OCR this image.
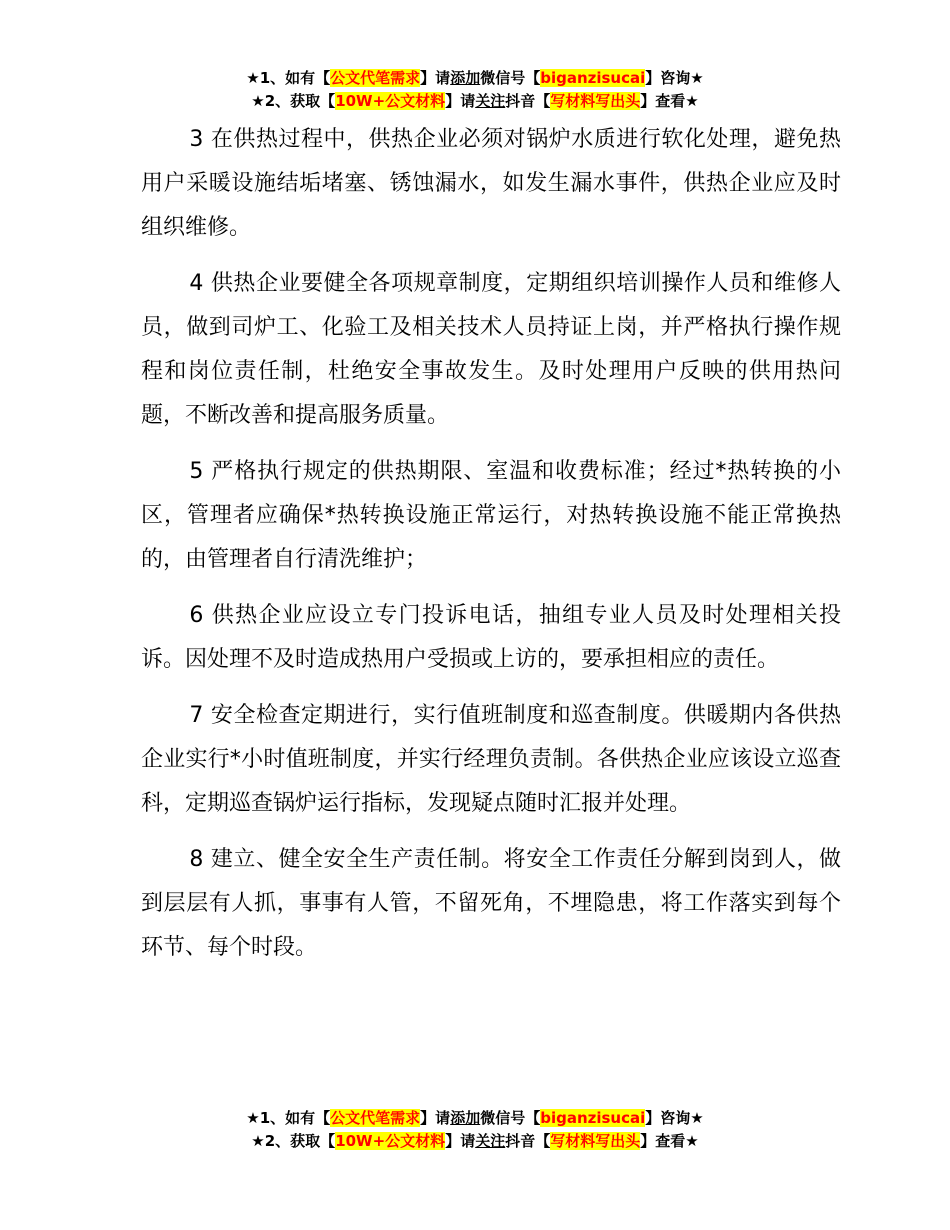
★1、如有【公文代笔需求】请添加微信号【biganzisucai】咨询★
★2、获取【10W+公文材料】请关注抖音【写材料写出头】查看★

3 在供热过程中，供热企业必须对锅炉水质进行软化处理，避免热用户采暖设施结垢堵塞、锈蚀漏水，如发生漏水事件，供热企业应及时组织维修。

4 供热企业要健全各项规章制度，定期组织培训操作人员和维修人员，做到司炉工、化验工及相关技术人员持证上岗，并严格执行操作规程和岗位责任制，杜绝安全事故发生。及时处理用户反映的供用热问题，不断改善和提高服务质量。

5 严格执行规定的供热期限、室温和收费标准；经过*热转换的小区，管理者应确保*热转换设施正常运行，对热转换设施不能正常换热的，由管理者自行清洗维护；

6 供热企业应设立专门投诉电话，抽组专业人员及时处理相关投诉。因处理不及时造成热用户受损或上访的，要承担相应的责任。

7 安全检查定期进行，实行值班制度和巡查制度。供暖期内各供热企业实行*小时值班制度，并实行经理负责制。各供热企业应该设立巡查科，定期巡查锅炉运行指标，发现疑点随时汇报并处理。

8 建立、健全安全生产责任制。将安全工作责任分解到岗到人，做到层层有人抓，事事有人管，不留死角，不埋隐患，将工作落实到每个环节、每个时段。

★1、如有【公文代笔需求】请添加微信号【biganzisucai】咨询★
★2、获取【10W+公文材料】请关注抖音【写材料写出头】查看★
